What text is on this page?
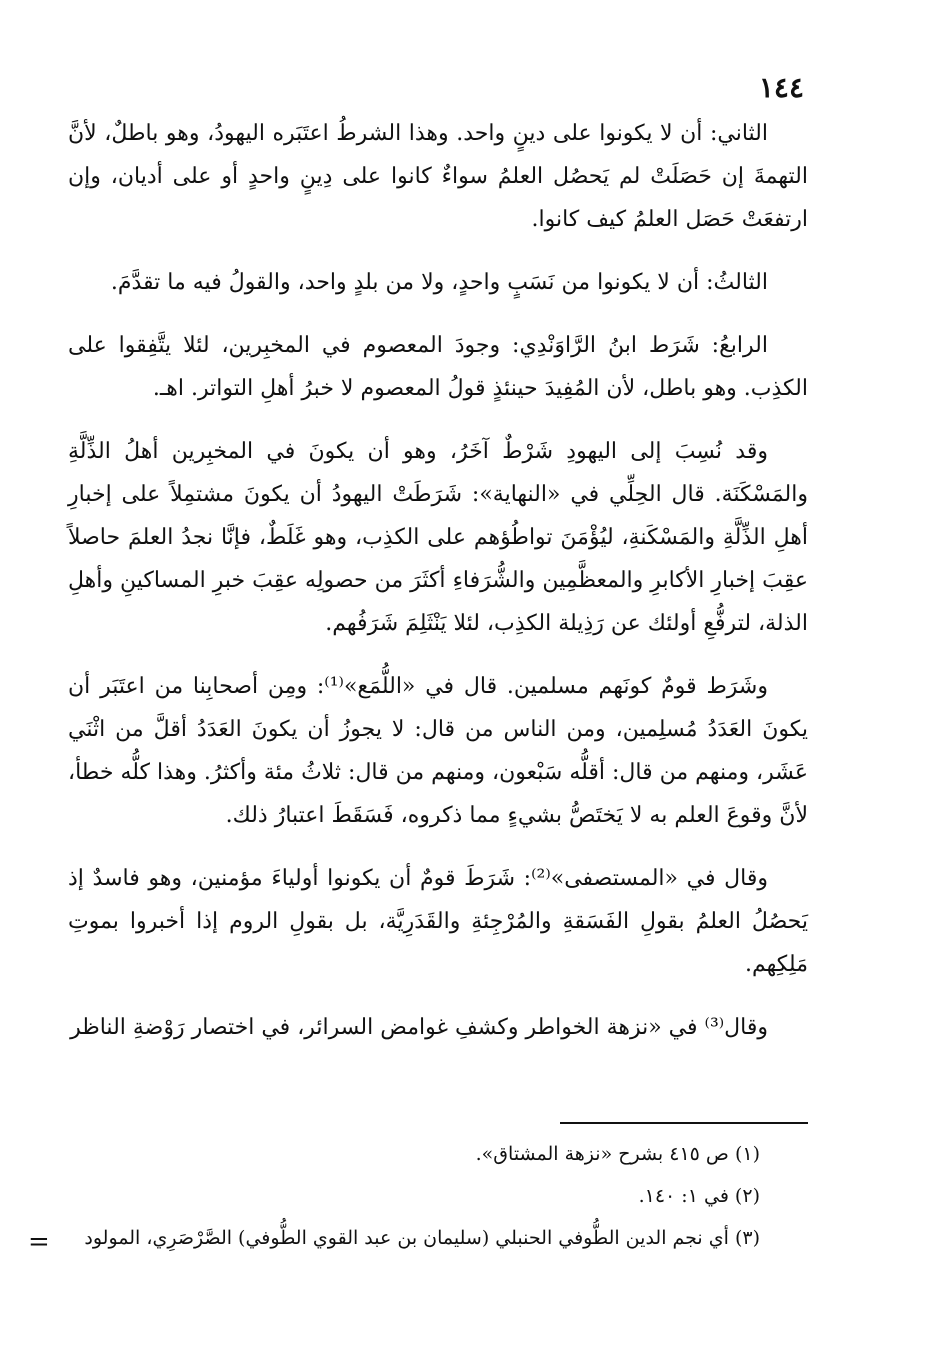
١٤٤

الثاني: أن لا يكونوا على دينٍ واحد. وهذا الشرطُ اعتَبَره اليهودُ، وهو باطلٌ، لأنَّ التهمةَ إن حَصَلَتْ لم يَحصُل العلمُ سواءٌ كانوا على دِينٍ واحدٍ أو على أديان، وإن ارتفعَتْ حَصَل العلمُ كيف كانوا.

الثالثُ: أن لا يكونوا من نَسَبٍ واحدٍ، ولا من بلدٍ واحد، والقولُ فيه ما تقدَّمَ.

الرابعُ: شَرَط ابنُ الرَّاوَنْدِي: وجودَ المعصوم في المخبِرين، لئلا يتَّفِقوا على الكذِب. وهو باطل، لأن المُفِيدَ حينئذٍ قولُ المعصوم لا خبرُ أهلِ التواتر. اهـ.

وقد نُسِبَ إلى اليهودِ شَرْطٌ آخَرُ، وهو أن يكونَ في المخبِرين أهلُ الذِّلَّةِ والمَسْكَنَة. قال الحِلِّي في «النهاية»: شَرَطَتْ اليهودُ أن يكونَ مشتمِلاً على إخبارِ أهلِ الذِّلَّةِ والمَسْكَنةِ، ليُؤْمَنَ تواطُؤهم على الكذِب، وهو غَلَطٌ، فإنَّا نجدُ العلمَ حاصلاً عقِبَ إخبارِ الأكابرِ والمعظَّمِين والشُّرَفاءِ أكثَرَ من حصولِه عقِبَ خبرِ المساكينِ وأهلِ الذلة، لترفُّعِ أولئك عن رَذِيلة الكذِب، لئلا يَنْثَلِمَ شَرَفُهم.

وشَرَط قومٌ كونَهم مسلمين. قال في «اللُّمَع»⁽¹⁾: ومِن أصحابِنا من اعتَبَر أن يكونَ العَدَدُ مُسلِمين، ومن الناس من قال: لا يجوزُ أن يكونَ العَدَدُ أقلَّ من اثْنَي عَشَر، ومنهم من قال: أقلُّه سَبْعون، ومنهم من قال: ثلاثُ مئة وأكثرُ. وهذا كلُّه خطأ، لأنَّ وقوعَ العلم به لا يَختَصُّ بشيءٍ مما ذكروه، فَسَقَطَ اعتبارُ ذلك.

وقال في «المستصفى»⁽²⁾: شَرَطَ قومٌ أن يكونوا أولياءَ مؤمنين، وهو فاسدٌ إذ يَحصُلُ العلمُ بقولِ الفَسَقةِ والمُرْجِئةِ والقَدَرِيَّة، بل بقولِ الروم إذا أخبروا بموتِ مَلِكِهم.

وقال⁽³⁾ في «نزهة الخواطر وكشفِ غوامض السرائر، في اختصار رَوْضةِ الناظر

(١) ص ٤١٥ بشرح «نزهة المشتاق».

(٢) في ١: ١٤٠.

(٣) أي نجم الدين الطُّوفي الحنبلي (سليمان بن عبد القوي الطُّوفي) الصَّرْصَرِي، المولود

=
